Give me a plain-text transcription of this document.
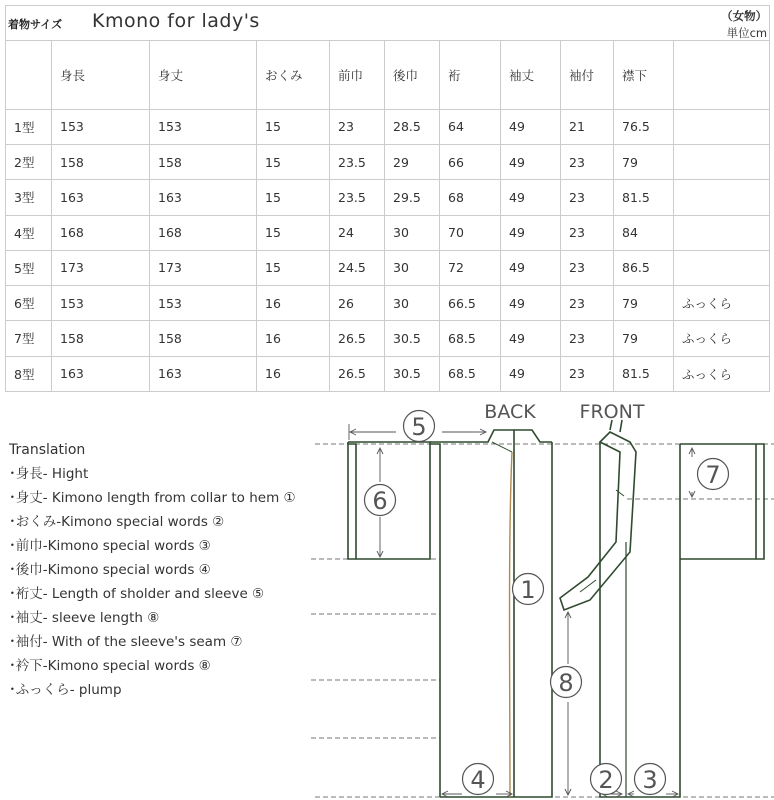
着物サイズ Kmono for lady's （女物）
単位cm										

	身長	身丈	おくみ	前巾	後巾	裄	袖丈	袖付	襟下	
1型	153	153	15	23	28.5	64	49	21	76.5	
2型	158	158	15	23.5	29	66	49	23	79	
3型	163	163	15	23.5	29.5	68	49	23	81.5	
4型	168	168	15	24	30	70	49	23	84	
5型	173	173	15	24.5	30	72	49	23	86.5	
6型	153	153	16	26	30	66.5	49	23	79	ふっくら
7型	158	158	16	26.5	30.5	68.5	49	23	79	ふっくら
8型	163	163	16	26.5	30.5	68.5	49	23	81.5	ふっくら
Translation
･身長- Hight
･身丈- Kimono length from collar to hem ①
･おくみ-Kimono special words ②
･前巾-Kimono special words ③
･後巾-Kimono special words ④
･裄丈- Length of sholder and sleeve ⑤
･袖丈- sleeve length ⑧
･袖付- With of the sleeve's seam ⑦
･衿下-Kimono special words ⑧
･ふっくら- plump
BACK FRONT
5
6
7
1
8
4	2 3
